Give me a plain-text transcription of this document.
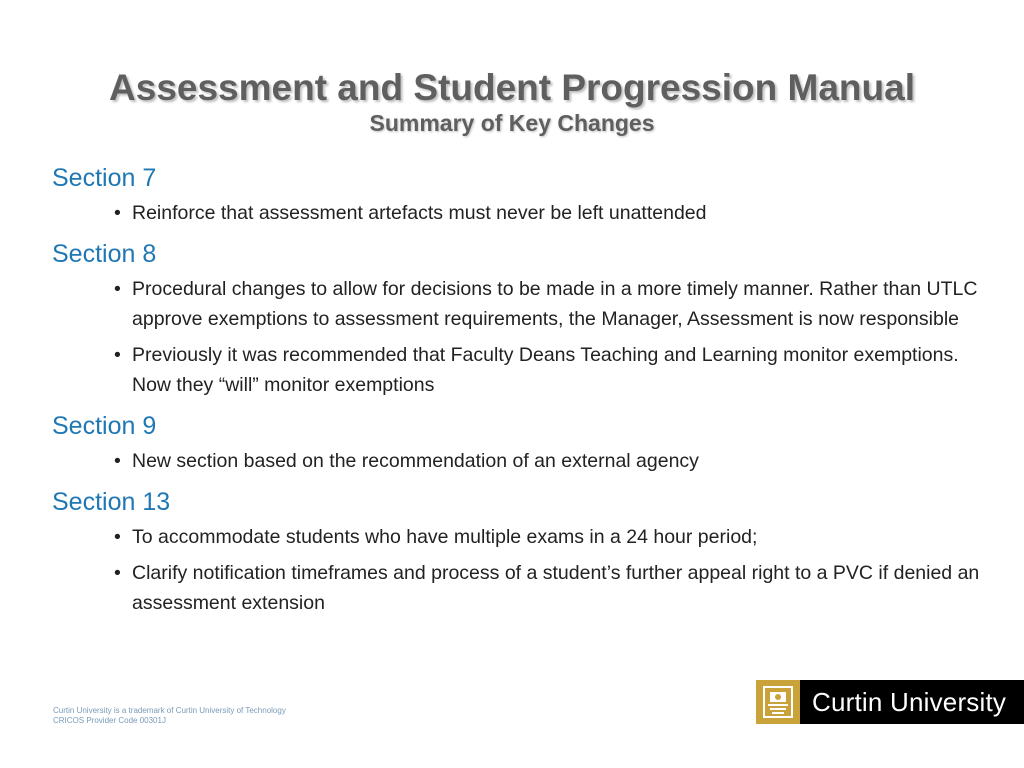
Assessment and Student Progression Manual
Summary of Key Changes

Section 7

• Reinforce that assessment artefacts must never be left unattended

Section 8

• Procedural changes to allow for decisions to be made in a more timely manner. Rather than UTLC approve exemptions to assessment requirements, the Manager, Assessment is now responsible
• Previously it was recommended that Faculty Deans Teaching and Learning monitor exemptions. Now they “will” monitor exemptions

Section 9

• New section based on the recommendation of an external agency

Section 13

• To accommodate students who have multiple exams in a 24 hour period;
• Clarify notification timeframes and process of a student’s further appeal right to a PVC if denied an assessment extension
Curtin University is a trademark of Curtin University of Technology
CRICOS Provider Code 00301J
Curtin University
